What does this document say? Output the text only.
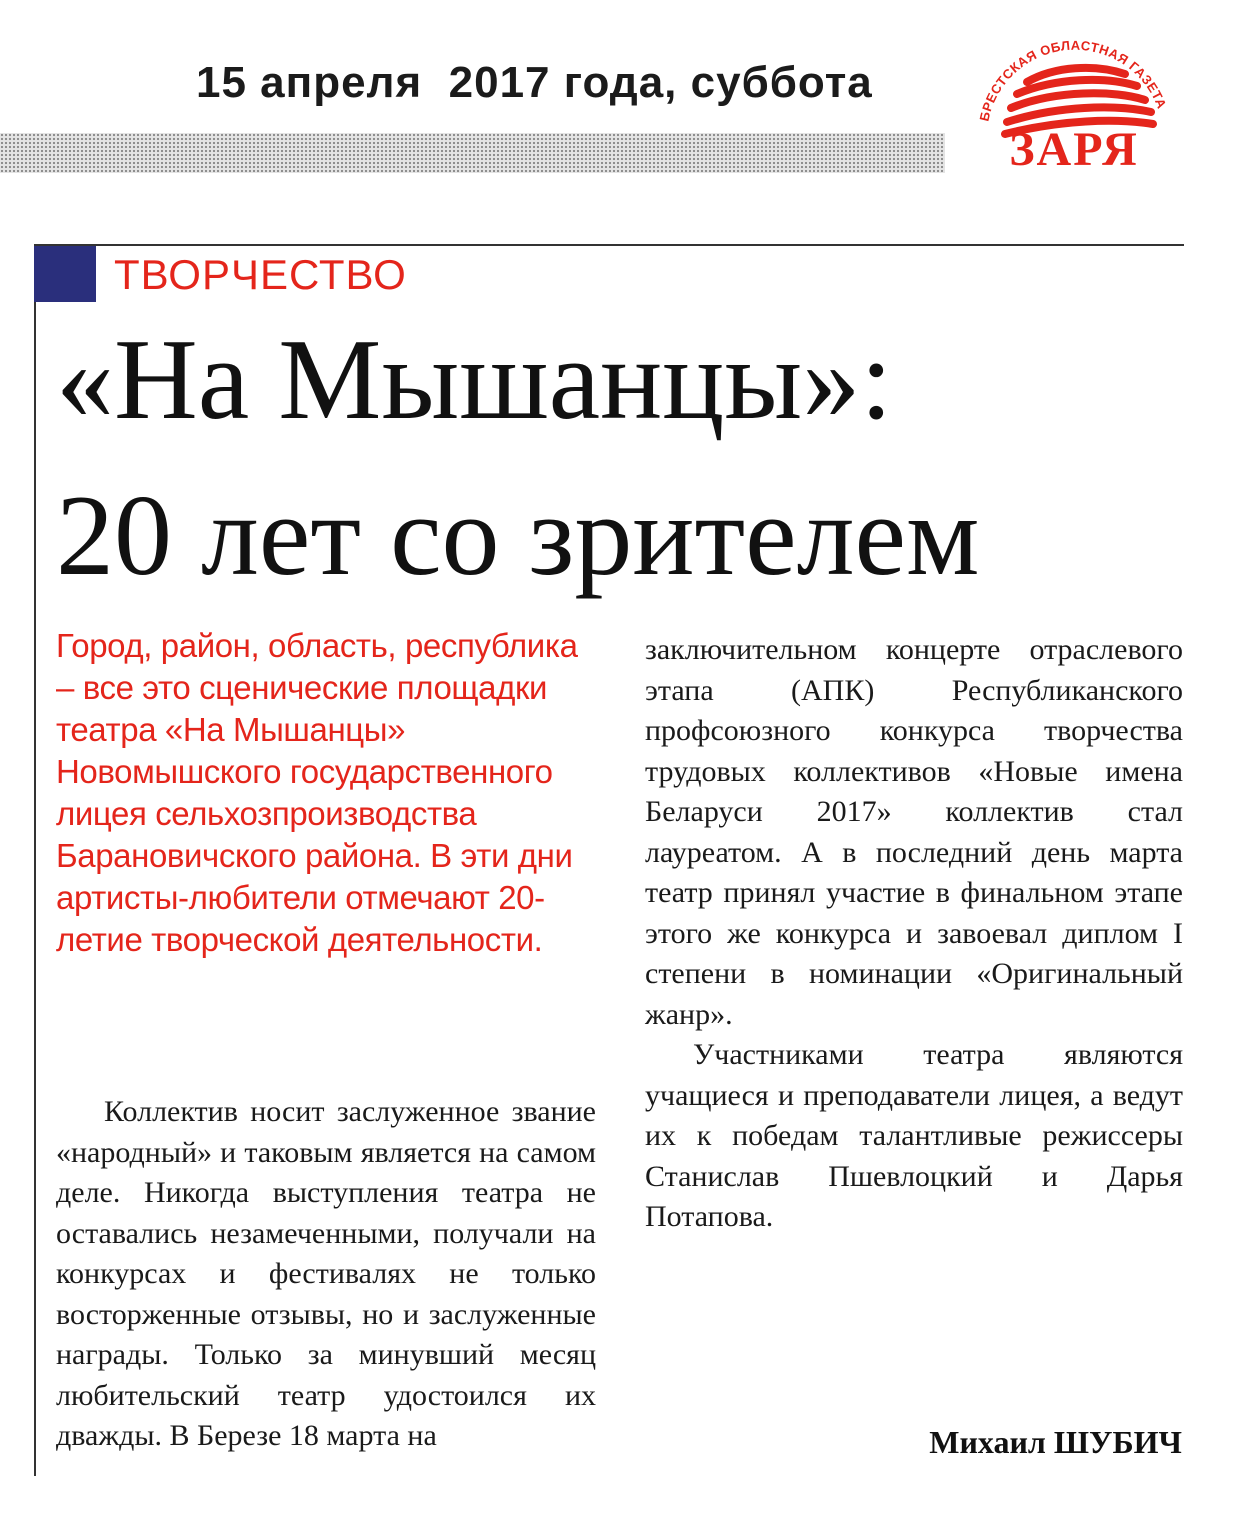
15 апреля  2017 года, суббота
БРЕСТСКАЯ ОБЛАСТНАЯ ГАЗЕТА
ЗАРЯ
ТВОРЧЕСТВО
«На Мышанцы»:
20 лет со зрителем

Город, район, область, республика – все это сценические площадки театра «На Мышанцы» Новомышского государственного лицея сельхозпроизводства Барановичского района. В эти дни артисты-любители отмечают 20-летие творческой деятельности.

Коллектив носит заслуженное звание «народный» и таковым является на самом деле. Никогда выступления театра не оставались незамеченными, получали на конкурсах и фестивалях не только восторженные отзывы, но и заслуженные награды. Только за минувший месяц любительский театр удостоился их дважды. В Березе 18 марта на

заключительном концерте отраслевого этапа (АПК) Республиканского профсоюзного конкурса творчества трудовых коллективов «Новые имена Беларуси 2017» коллектив стал лауреатом. А в последний день марта театр принял участие в финальном этапе этого же конкурса и завоевал диплом I степени в номинации «Оригинальный жанр».

Участниками театра являются учащиеся и преподаватели лицея, а ведут их к победам талантливые режиссеры Станислав Пшевлоцкий и Дарья Потапова.

Михаил ШУБИЧ
